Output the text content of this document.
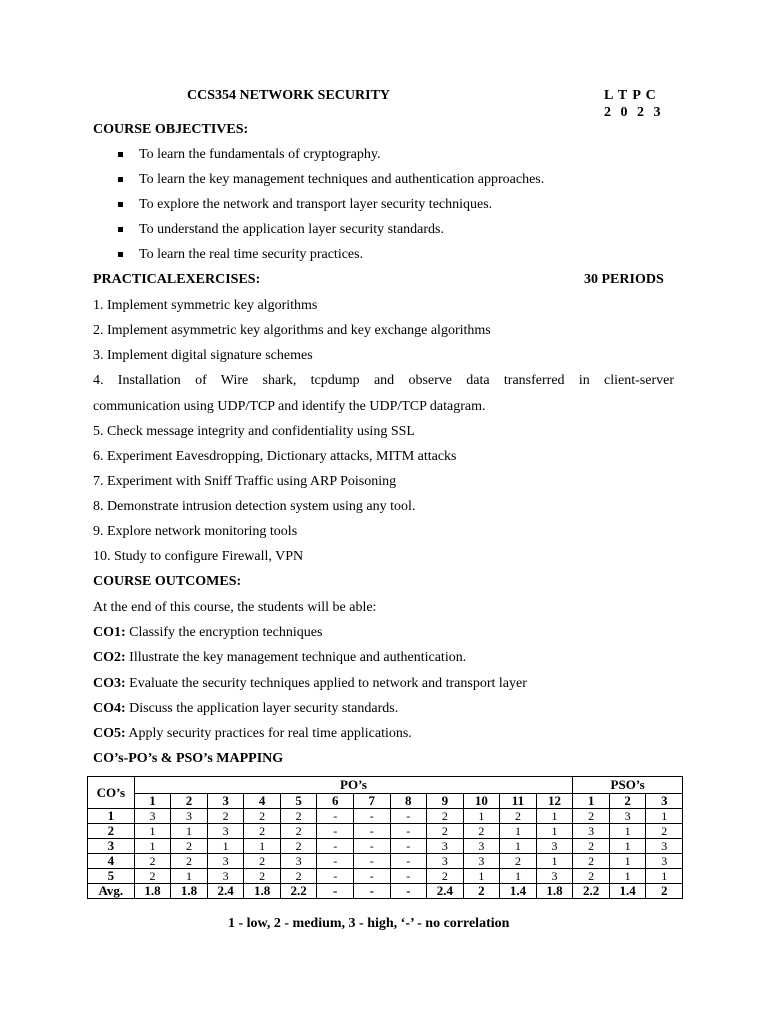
CCS354 NETWORK SECURITY	L T P C
2 0 2 3
COURSE OBJECTIVES:
To learn the fundamentals of cryptography.
To learn the key management techniques and authentication approaches.
To explore the network and transport layer security techniques.
To understand the application layer security standards.
To learn the real time security practices.
PRACTICALEXERCISES:	30 PERIODS
1. Implement symmetric key algorithms
2. Implement asymmetric key algorithms and key exchange algorithms
3. Implement digital signature schemes
4. Installation of Wire shark, tcpdump and observe data transferred in client-server
communication using UDP/TCP and identify the UDP/TCP datagram.
5. Check message integrity and confidentiality using SSL
6. Experiment Eavesdropping, Dictionary attacks, MITM attacks
7. Experiment with Sniff Traffic using ARP Poisoning
8. Demonstrate intrusion detection system using any tool.
9. Explore network monitoring tools
10. Study to configure Firewall, VPN
COURSE OUTCOMES:
At the end of this course, the students will be able:
CO1: Classify the encryption techniques
CO2: Illustrate the key management technique and authentication.
CO3: Evaluate the security techniques applied to network and transport layer
CO4: Discuss the application layer security standards.
CO5: Apply security practices for real time applications.
CO’s-PO’s & PSO’s MAPPING
CO’s	PO’s												PSO’s		
	1	2	3	4	5	6	7	8	9	10	11	12	1	2	3
1	3	3	2	2	2	-	-	-	2	1	2	1	2	3	1
2	1	1	3	2	2	-	-	-	2	2	1	1	3	1	2
3	1	2	1	1	2	-	-	-	3	3	1	3	2	1	3
4	2	2	3	2	3	-	-	-	3	3	2	1	2	1	3
5	2	1	3	2	2	-	-	-	2	1	1	3	2	1	1
Avg.	1.8	1.8	2.4	1.8	2.2	-	-	-	2.4	2	1.4	1.8	2.2	1.4	2
1 - low, 2 - medium, 3 - high, ‘-’ - no correlation
